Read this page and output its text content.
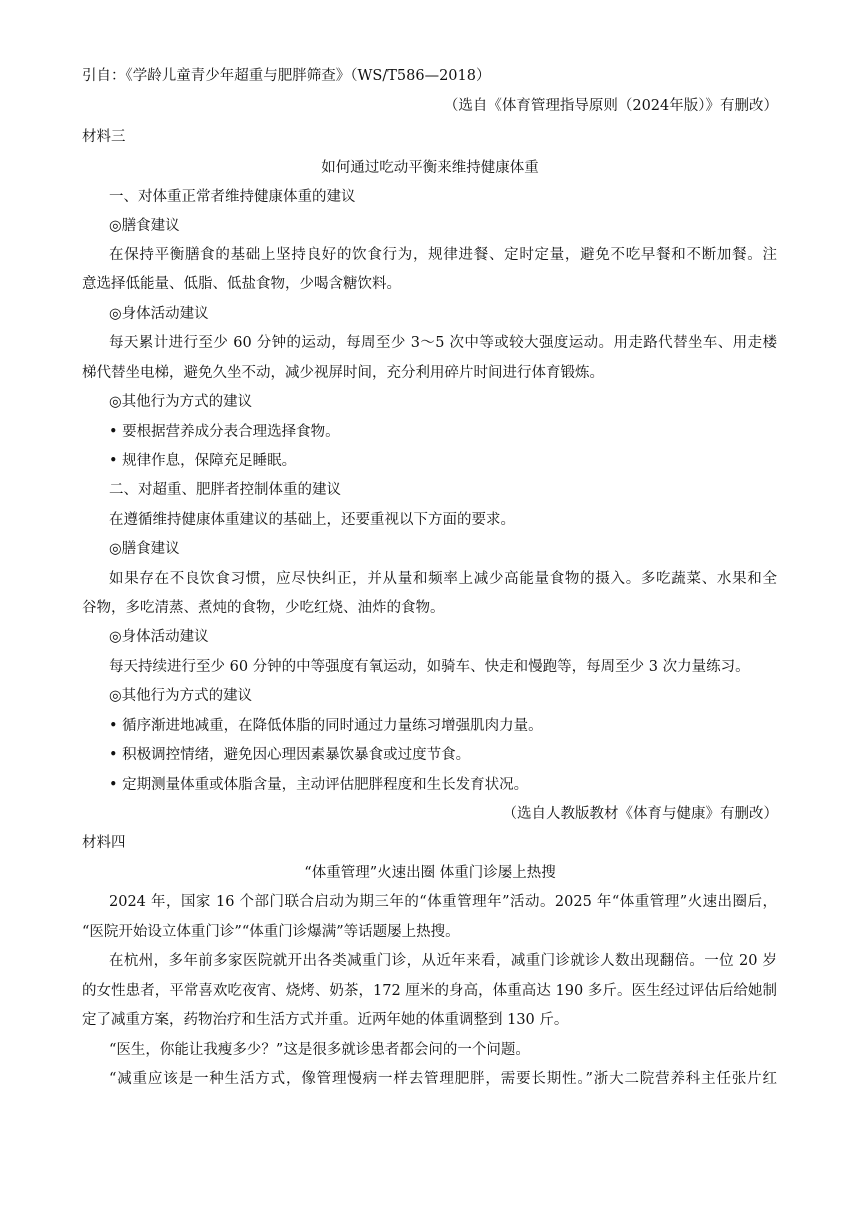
引自：《学龄儿童青少年超重与肥胖筛查》（WS/T586—2018）
（选自《体育管理指导原则（2024年版）》有删改）
材料三
如何通过吃动平衡来维持健康体重
一、对体重正常者维持健康体重的建议
◎膳食建议
在保持平衡膳食的基础上坚持良好的饮食行为，规律进餐、定时定量，避免不吃早餐和不断加餐。注
意选择低能量、低脂、低盐食物，少喝含糖饮料。
◎身体活动建议
每天累计进行至少 60 分钟的运动，每周至少 3～5 次中等或较大强度运动。用走路代替坐车、用走楼
梯代替坐电梯，避免久坐不动，减少视屏时间，充分利用碎片时间进行体育锻炼。
◎其他行为方式的建议
• 要根据营养成分表合理选择食物。
• 规律作息，保障充足睡眠。
二、对超重、肥胖者控制体重的建议
在遵循维持健康体重建议的基础上，还要重视以下方面的要求。
◎膳食建议
如果存在不良饮食习惯，应尽快纠正，并从量和频率上减少高能量食物的摄入。多吃蔬菜、水果和全
谷物，多吃清蒸、煮炖的食物，少吃红烧、油炸的食物。
◎身体活动建议
每天持续进行至少 60 分钟的中等强度有氧运动，如骑车、快走和慢跑等，每周至少 3 次力量练习。
◎其他行为方式的建议
• 循序渐进地减重，在降低体脂的同时通过力量练习增强肌肉力量。
• 积极调控情绪，避免因心理因素暴饮暴食或过度节食。
• 定期测量体重或体脂含量，主动评估肥胖程度和生长发育状况。
（选自人教版教材《体育与健康》有删改）
材料四
“体重管理”火速出圈 体重门诊屡上热搜
2024 年，国家 16 个部门联合启动为期三年的“体重管理年”活动。2025 年“体重管理”火速出圈后，
“医院开始设立体重门诊”“体重门诊爆满”等话题屡上热搜。
在杭州，多年前多家医院就开出各类减重门诊，从近年来看，减重门诊就诊人数出现翻倍。一位 20 岁
的女性患者，平常喜欢吃夜宵、烧烤、奶茶，172 厘米的身高，体重高达 190 多斤。医生经过评估后给她制
定了减重方案，药物治疗和生活方式并重。近两年她的体重调整到 130 斤。
“医生，你能让我瘦多少？”这是很多就诊患者都会问的一个问题。
“减重应该是一种生活方式，像管理慢病一样去管理肥胖，需要长期性。”浙大二院营养科主任张片红
